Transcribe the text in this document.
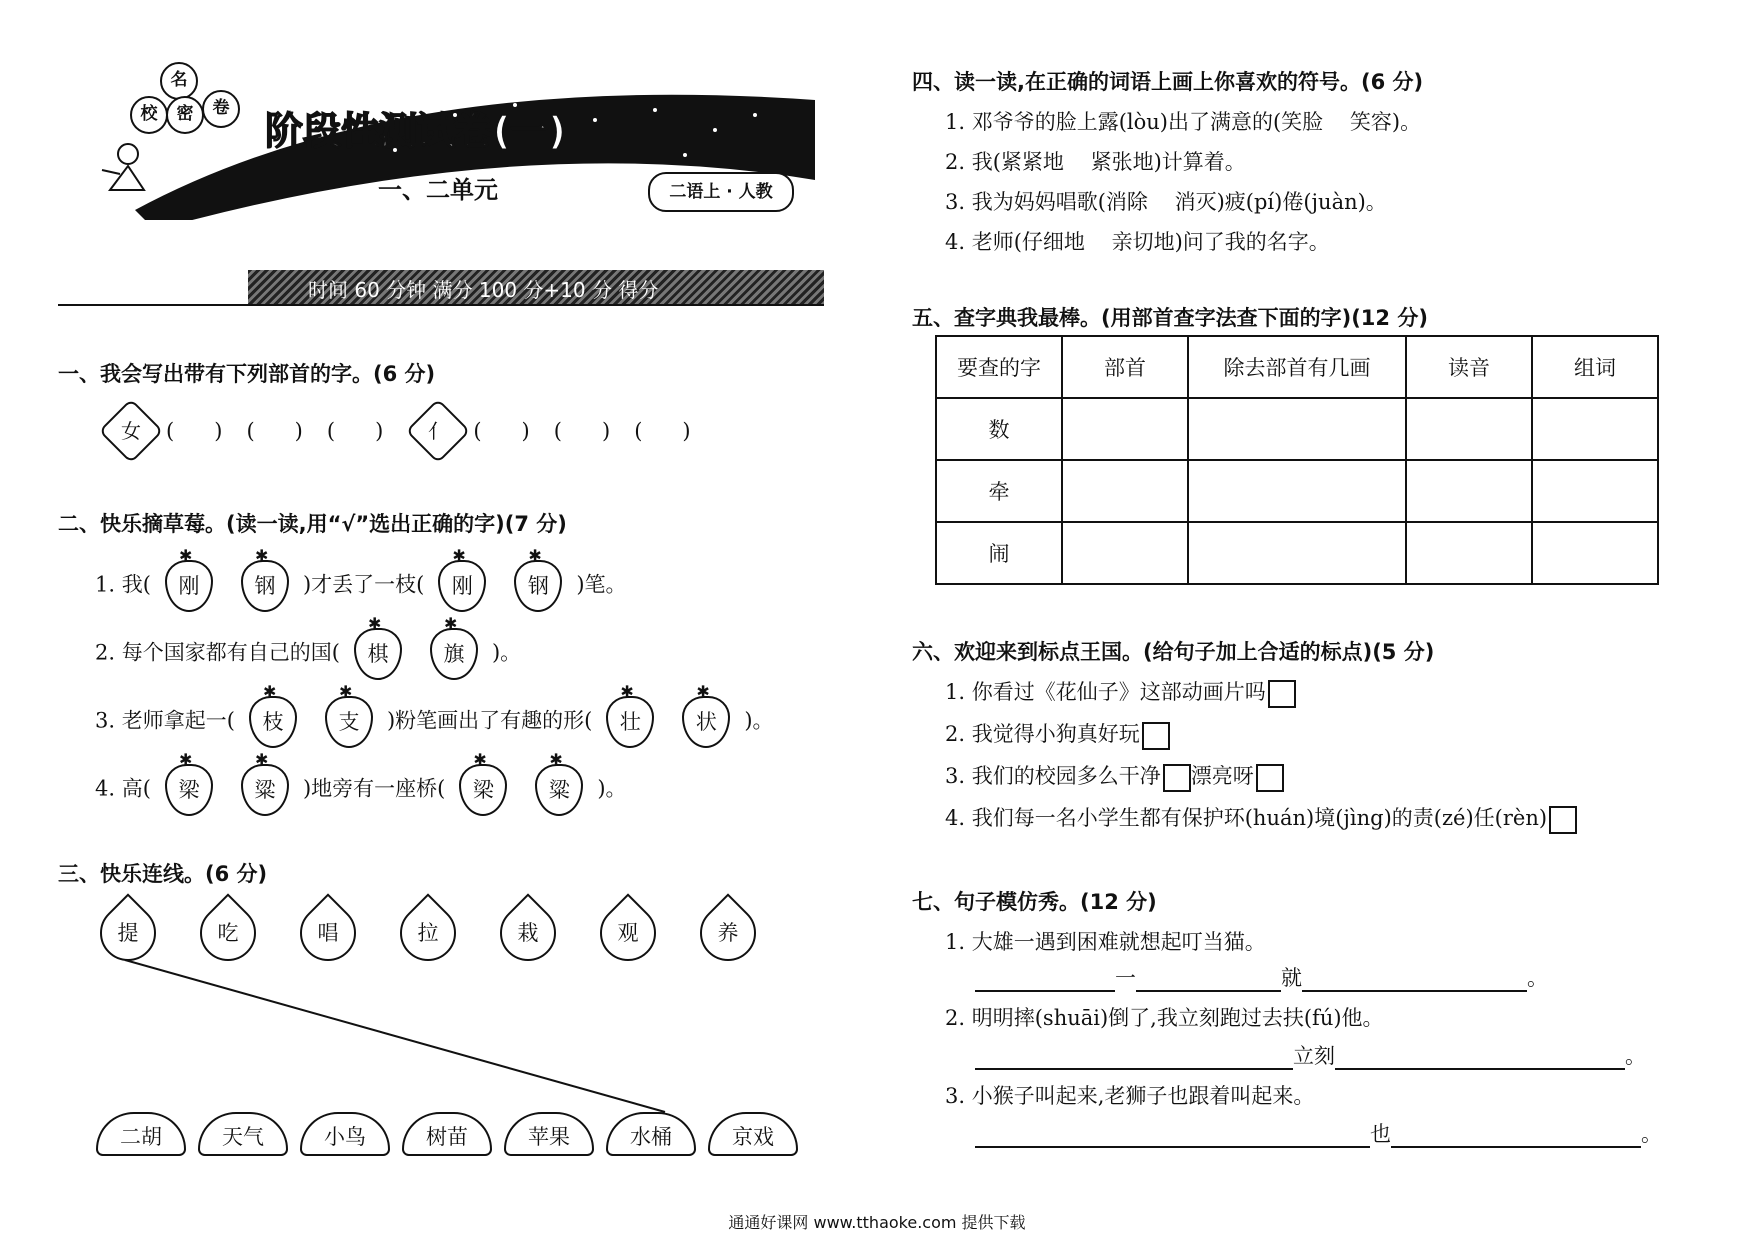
名
校	密	卷
阶段性测试卷(一)
一、二单元	二语上 · 人教
时间 60 分钟 满分 100 分+10 分 得分
一、我会写出带有下列部首的字。(6 分)
女	(      ) (      ) (      )	亻	(      ) (      ) (      )
二、快乐摘草莓。(读一读,用“√”选出正确的字)(7 分)
1. 我( ✱ 刚	✱ 钢 )才丢了一枝( ✱ 刚	✱ 钢 )笔。
2. 每个国家都有自己的国( ✱ 棋	✱ 旗 )。
3. 老师拿起一( ✱ 枝	✱ 支 )粉笔画出了有趣的形( ✱ 壮	✱ 状 )。
4. 高( ✱ 梁	✱ 粱 )地旁有一座桥( ✱ 梁	✱ 粱 )。
三、快乐连线。(6 分)
提	吃	唱	拉	栽	观	养
二胡	天气	小鸟	树苗	苹果	水桶	京戏
四、读一读,在正确的词语上画上你喜欢的符号。(6 分)
1. 邓爷爷的脸上露(lòu)出了满意的(笑脸    笑容)。
2. 我(紧紧地    紧张地)计算着。
3. 我为妈妈唱歌(消除    消灭)疲(pí)倦(juàn)。
4. 老师(仔细地    亲切地)问了我的名字。
五、查字典我最棒。(用部首查字法查下面的字)(12 分)
要查的字	部首	除去部首有几画	读音	组词
数				
牵				
闹				
六、欢迎来到标点王国。(给句子加上合适的标点)(5 分)
1. 你看过《花仙子》这部动画片吗
2. 我觉得小狗真好玩
3. 我们的校园多么干净 漂亮呀
4. 我们每一名小学生都有保护环(huán)境(jìng)的责(zé)任(rèn)
七、句子模仿秀。(12 分)
1. 大雄一遇到困难就想起叮当猫。
一	就	。
2. 明明摔(shuāi)倒了,我立刻跑过去扶(fú)他。
立刻	。
3. 小猴子叫起来,老狮子也跟着叫起来。
也	。
通通好课网 www.tthaoke.com 提供下载
